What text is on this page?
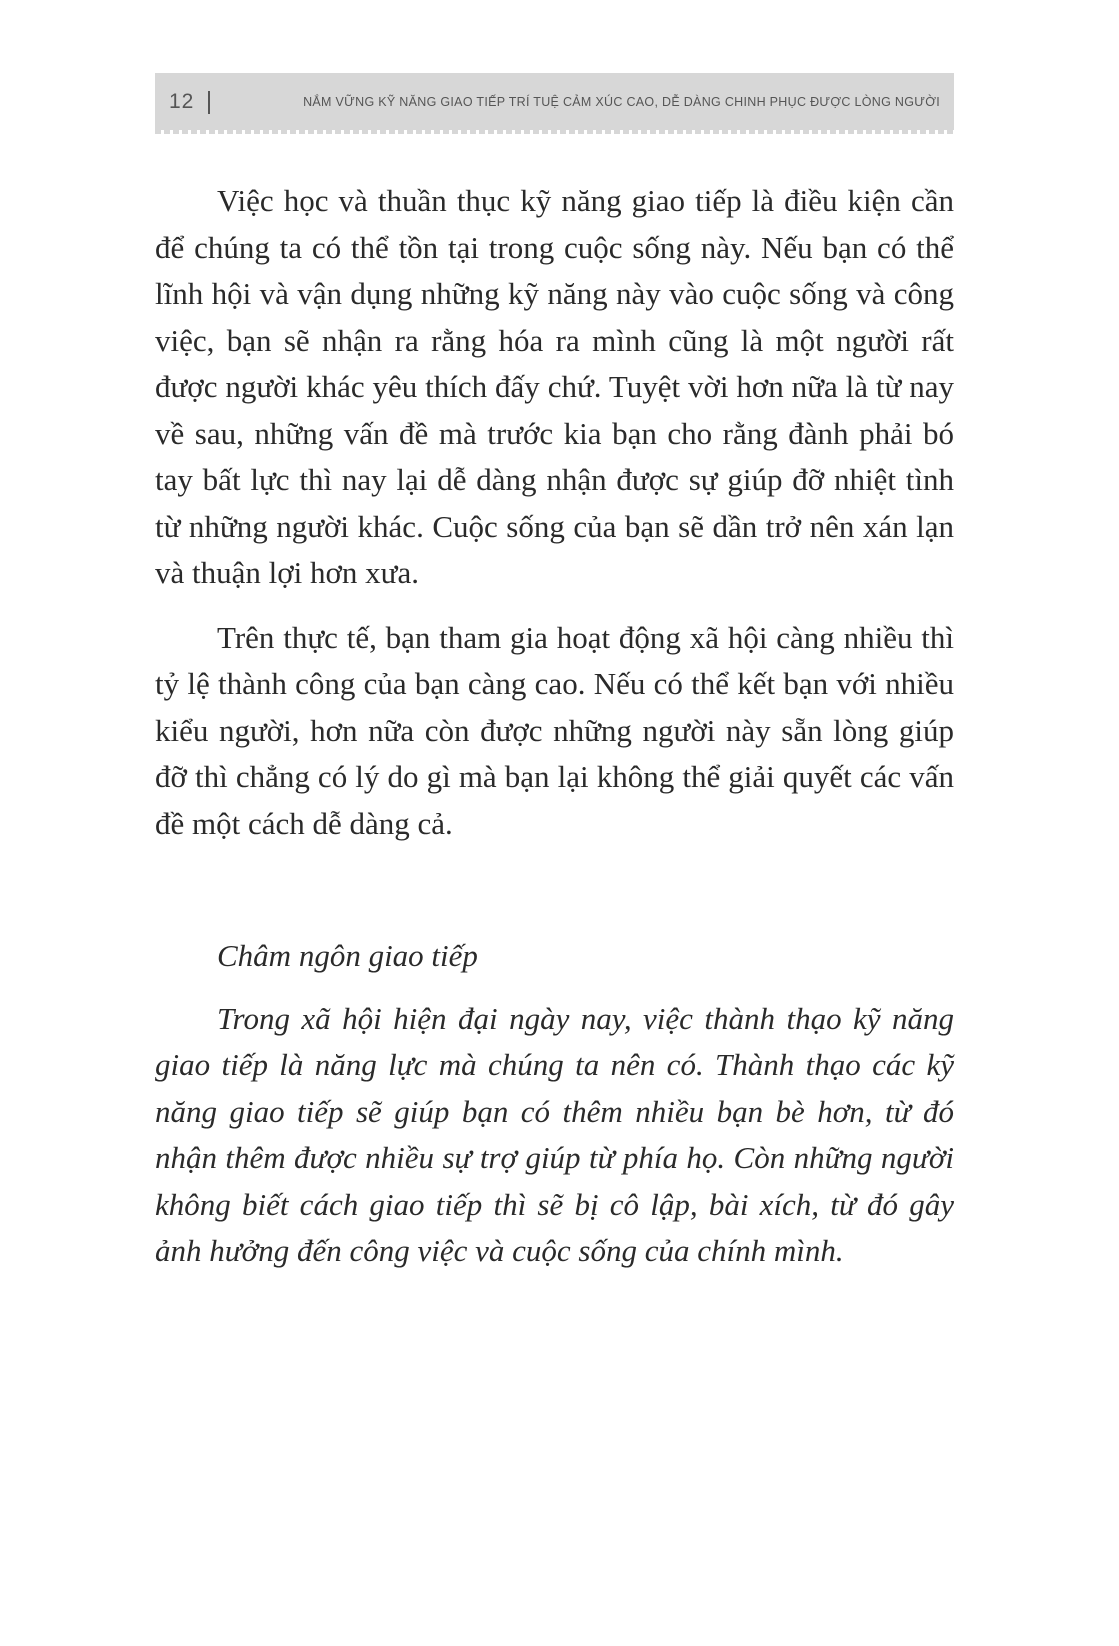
12	NẮM VỮNG KỸ NĂNG GIAO TIẾP TRÍ TUỆ CẢM XÚC CAO, DỄ DÀNG CHINH PHỤC ĐƯỢC LÒNG NGƯỜI

Việc học và thuần thục kỹ năng giao tiếp là điều kiện cần để chúng ta có thể tồn tại trong cuộc sống này. Nếu bạn có thể lĩnh hội và vận dụng những kỹ năng này vào cuộc sống và công việc, bạn sẽ nhận ra rằng hóa ra mình cũng là một người rất được người khác yêu thích đấy chứ. Tuyệt vời hơn nữa là từ nay về sau, những vấn đề mà trước kia bạn cho rằng đành phải bó tay bất lực thì nay lại dễ dàng nhận được sự giúp đỡ nhiệt tình từ những người khác. Cuộc sống của bạn sẽ dần trở nên xán lạn và thuận lợi hơn xưa.

Trên thực tế, bạn tham gia hoạt động xã hội càng nhiều thì tỷ lệ thành công của bạn càng cao. Nếu có thể kết bạn với nhiều kiểu người, hơn nữa còn được những người này sẵn lòng giúp đỡ thì chẳng có lý do gì mà bạn lại không thể giải quyết các vấn đề một cách dễ dàng cả.

Châm ngôn giao tiếp

Trong xã hội hiện đại ngày nay, việc thành thạo kỹ năng giao tiếp là năng lực mà chúng ta nên có. Thành thạo các kỹ năng giao tiếp sẽ giúp bạn có thêm nhiều bạn bè hơn, từ đó nhận thêm được nhiều sự trợ giúp từ phía họ. Còn những người không biết cách giao tiếp thì sẽ bị cô lập, bài xích, từ đó gây ảnh hưởng đến công việc và cuộc sống của chính mình.
